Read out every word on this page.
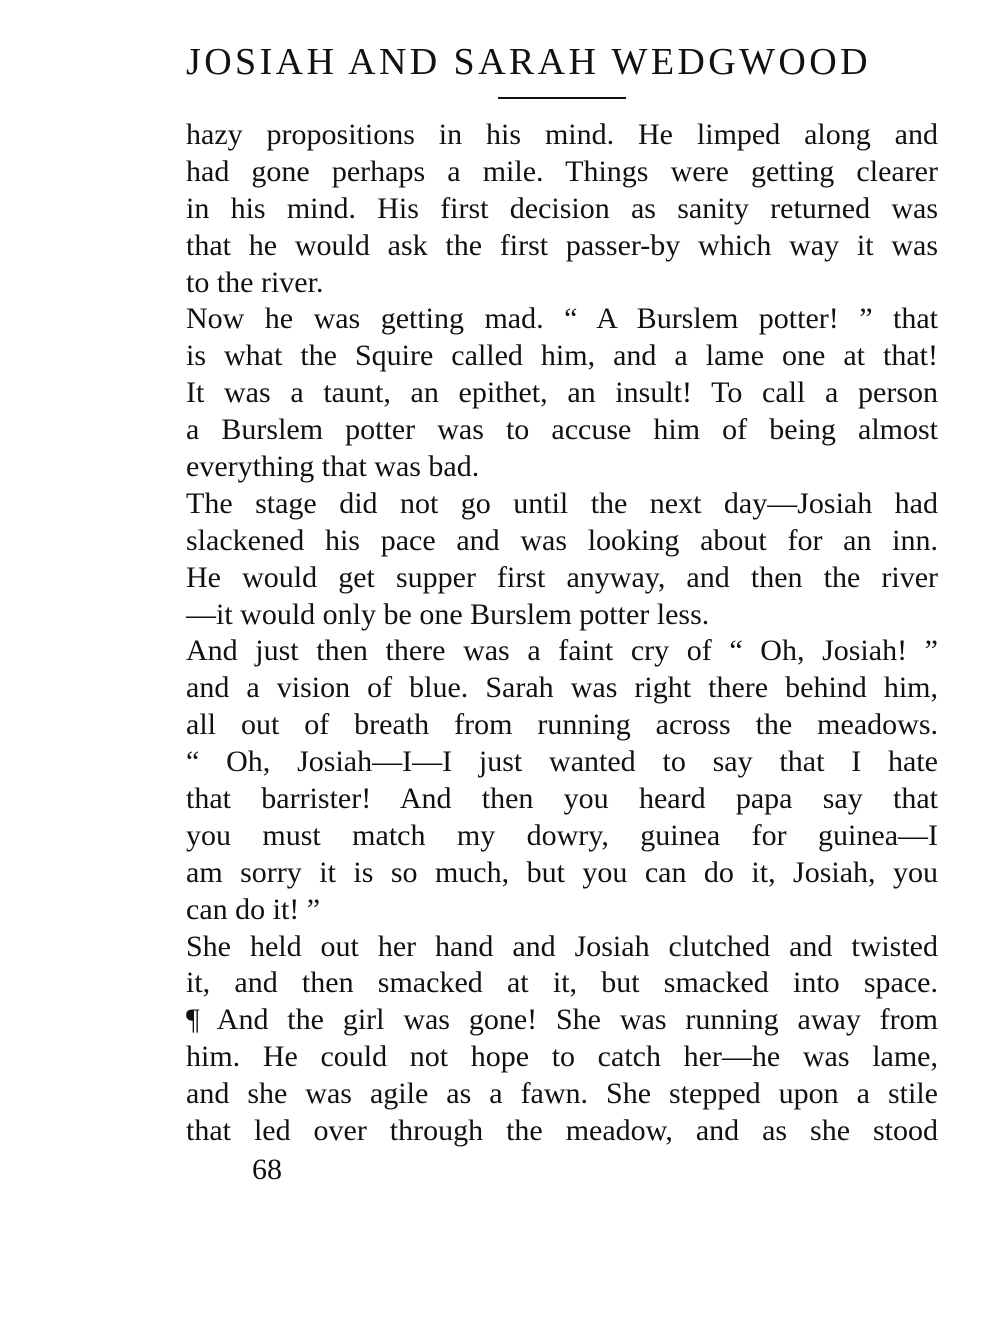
JOSIAH AND SARAH WEDGWOOD
hazy propositions in his mind. He limped along and
had gone perhaps a mile. Things were getting clearer
in his mind. His first decision as sanity returned was
that he would ask the first passer-by which way it was
to the river.
Now he was getting mad. “ A Burslem potter! ” that
is what the Squire called him, and a lame one at that!
It was a taunt, an epithet, an insult! To call a person
a Burslem potter was to accuse him of being almost
everything that was bad.
The stage did not go until the next day—Josiah had
slackened his pace and was looking about for an inn.
He would get supper first anyway, and then the river
—it would only be one Burslem potter less.
And just then there was a faint cry of “ Oh, Josiah! ”
and a vision of blue. Sarah was right there behind him,
all out of breath from running across the meadows.
“ Oh, Josiah—I—I just wanted to say that I hate
that barrister! And then you heard papa say that
you must match my dowry, guinea for guinea—I
am sorry it is so much, but you can do it, Josiah, you
can do it! ”
She held out her hand and Josiah clutched and twisted
it, and then smacked at it, but smacked into space.
¶ And the girl was gone! She was running away from
him. He could not hope to catch her—he was lame,
and she was agile as a fawn. She stepped upon a stile
that led over through the meadow, and as she stood
68
